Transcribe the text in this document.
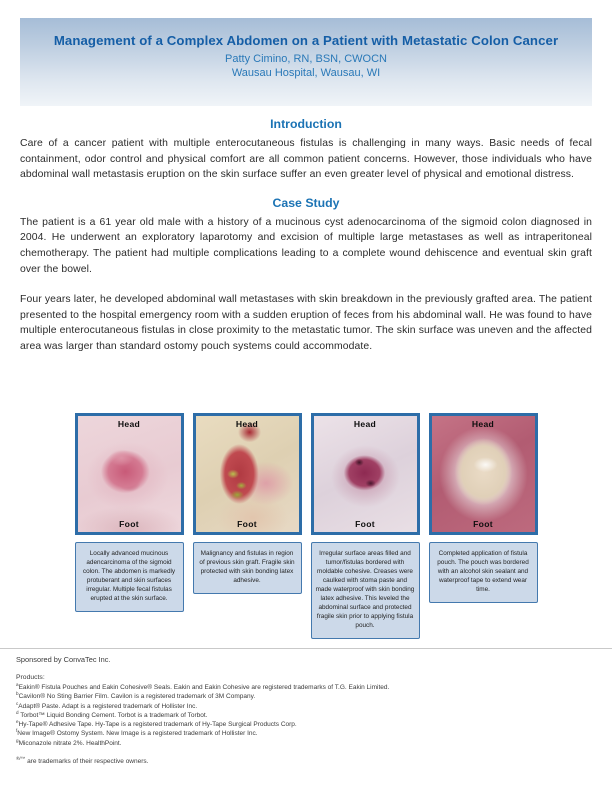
Management of a Complex Abdomen on a Patient with Metastatic Colon Cancer
Patty Cimino, RN, BSN, CWOCN
Wausau Hospital, Wausau, WI
Introduction

Care of a cancer patient with multiple enterocutaneous fistulas is challenging in many ways. Basic needs of fecal containment, odor control and physical comfort are all common patient concerns. However, those individuals who have abdominal wall metastasis eruption on the skin surface suffer an even greater level of physical and emotional distress.

Case Study

The patient is a 61 year old male with a history of a mucinous cyst adenocarcinoma of the sigmoid colon diagnosed in 2004. He underwent an exploratory laparotomy and excision of multiple large metastases as well as intraperitoneal chemotherapy. The patient had multiple complications leading to a complete wound dehiscence and eventual skin graft over the bowel.

Four years later, he developed abdominal wall metastases with skin breakdown in the previously grafted area. The patient presented to the hospital emergency room with a sudden eruption of feces from his abdominal wall. He was found to have multiple enterocutaneous fistulas in close proximity to the metastatic tumor. The skin surface was uneven and the affected area was larger than standard ostomy pouch systems could accommodate.

Head
Foot
Locally advanced mucinous adencarcinoma of the sigmoid colon. The abdomen is markedly protuberant and skin surfaces irregular. Multiple fecal fistulas erupted at the skin surface.
Head
Foot
Malignancy and fistulas in region of previous skin graft. Fragile skin protected with skin bonding latex adhesive.
Head
Foot
Irregular surface areas filled and tumor/fistulas bordered with moldable cohesive. Creases were caulked with stoma paste and made waterproof with skin bonding latex adhesive. This leveled the abdominal surface and protected fragile skin prior to applying fistula pouch.
Head
Foot
Completed application of fistula pouch. The pouch was bordered with an alcohol skin sealant and waterproof tape to extend wear time.
Sponsored by ConvaTec Inc.
Products:
$^a$Eakin® Fistula Pouches and Eakin Cohesive® Seals. Eakin and Eakin Cohesive are registered trademarks of T.G. Eakin Limited.
$^b$Cavilon® No Sting Barrier Film. Cavilon is a registered trademark of 3M Company.
$^c$Adapt® Paste. Adapt is a registered trademark of Hollister Inc.
$^d$ Torbot™ Liquid Bonding Cement. Torbot is a trademark of Torbot.
$^e$Hy-Tape® Adhesive Tape. Hy-Tape is a registered trademark of Hy-Tape Surgical Products Corp.
$^f$New Image® Ostomy System. New Image is a registered trademark of Hollister Inc.
$^g$Miconazole nitrate 2%. HealthPoint.
®/™ are trademarks of their respective owners.
